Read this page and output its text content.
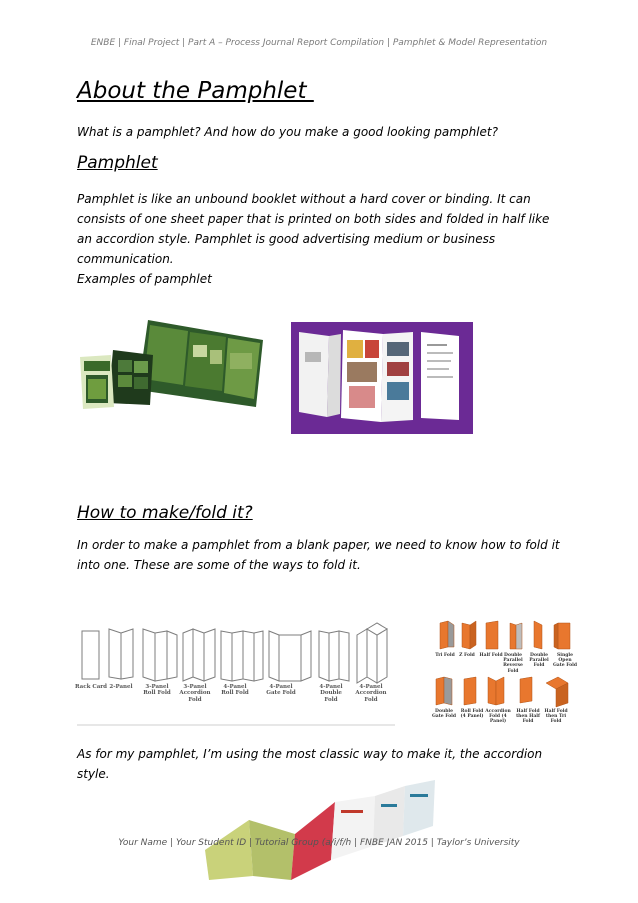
ENBE | Final Project | Part A – Process Journal Report Compilation | Pamphlet & Model Representation
About the Pamphlet

What is a pamphlet? And how do you make a good looking pamphlet?

Pamphlet

Pamphlet is like an unbound booklet without a hard cover or binding. It can consists of one sheet paper that is printed on both sides and folded in half like an accordion style. Pamphlet is good advertising medium or business communication.

Examples of pamphlet

How to make/fold it?

In order to make a pamphlet from a blank paper, we need to know how to fold it into one. These are some of the ways to fold it.

Rack Card 2-Panel	3-Panel Roll Fold
3-Panel Accordion Fold
4-Panel Roll Fold
4-Panel Gate Fold
4-Panel Double Fold
4-Panel Accordion Fold
Tri Fold Z Fold	Half Fold Double Parallel Reverse Fold
Double Parallel Fold
Single Open Gate Fold
Double Gate Fold
Roll Fold (4 Panel)
Accordion Fold (4 Panel)
Half Fold then Half Fold
Half Fold then Tri Fold

As for my pamphlet, I’m using the most classic way to make it, the accordion style.

Your Name | Your Student ID | Tutorial Group (a/i/f/h | FNBE JAN 2015 | Taylor’s University
